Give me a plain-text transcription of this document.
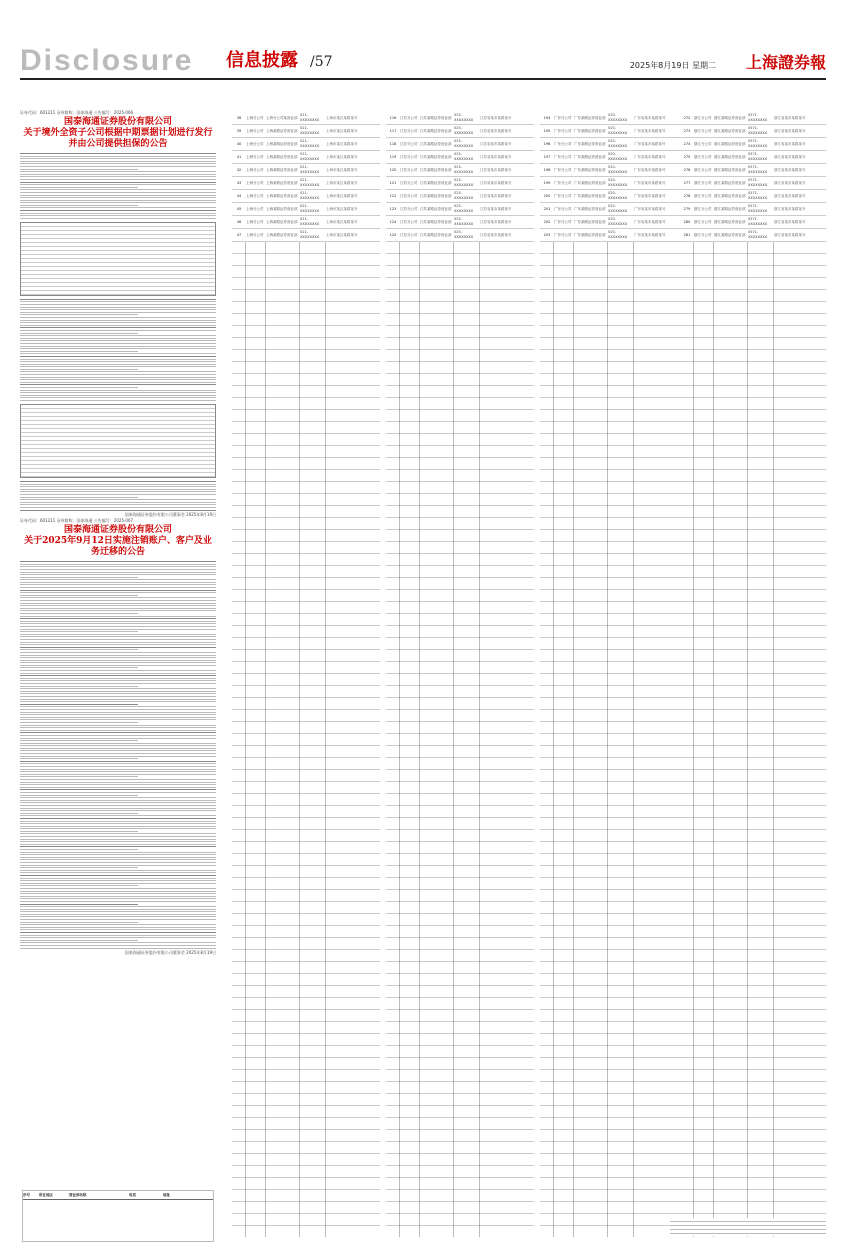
Disclosure 信息披露 /57	2025年8月19日 星期二 上海證券報
证券代码：601211 证券简称：国泰海通 公告编号：2025-066
国泰海通证券股份有限公司
关于境外全资子公司根据中期票据计划进行发行
并由公司提供担保的公告
国泰海通证券股份有限公司董事会 2025年8月19日
证券代码：601211 证券简称：国泰海通 公告编号：2025-067
国泰海通证券股份有限公司
关于2025年9月12日实施注销账户、客户及业务迁移的公告
国泰海通证券股份有限公司董事会 2025年8月19日
序号	所在地区	营业部名称	电话	地址
38	上海分公司 上海分公司某营业部
021-XXXXXXXX
上海市某区某路某号
39	上海分公司 上海某路证券营业部
021-XXXXXXXX
上海市某区某路某号
40	上海分公司 上海某路证券营业部
021-XXXXXXXX
上海市某区某路某号
41	上海分公司 上海某路证券营业部
021-XXXXXXXX
上海市某区某路某号
42	上海分公司 上海某路证券营业部
021-XXXXXXXX
上海市某区某路某号
43	上海分公司 上海某路证券营业部
021-XXXXXXXX
上海市某区某路某号
44	上海分公司 上海某路证券营业部
021-XXXXXXXX
上海市某区某路某号
45	上海分公司 上海某路证券营业部
021-XXXXXXXX
上海市某区某路某号
46	上海分公司 上海某路证券营业部
021-XXXXXXXX
上海市某区某路某号
47	上海分公司 上海某路证券营业部
021-XXXXXXXX
上海市某区某路某号
116	江苏分公司 江苏某路证券营业部
025-XXXXXXXX
江苏省某市某路某号
117	江苏分公司 江苏某路证券营业部
025-XXXXXXXX
江苏省某市某路某号
118	江苏分公司 江苏某路证券营业部
025-XXXXXXXX
江苏省某市某路某号
119	江苏分公司 江苏某路证券营业部
025-XXXXXXXX
江苏省某市某路某号
120	江苏分公司 江苏某路证券营业部
025-XXXXXXXX
江苏省某市某路某号
121	江苏分公司 江苏某路证券营业部
025-XXXXXXXX
江苏省某市某路某号
122	江苏分公司 江苏某路证券营业部
025-XXXXXXXX
江苏省某市某路某号
123	江苏分公司 江苏某路证券营业部
025-XXXXXXXX
江苏省某市某路某号
124	江苏分公司 江苏某路证券营业部
025-XXXXXXXX
江苏省某市某路某号
125	江苏分公司 江苏某路证券营业部
025-XXXXXXXX
江苏省某市某路某号
194	广东分公司 广东某路证券营业部
020-XXXXXXXX
广东省某市某路某号
195	广东分公司 广东某路证券营业部
020-XXXXXXXX
广东省某市某路某号
196	广东分公司 广东某路证券营业部
020-XXXXXXXX
广东省某市某路某号
197	广东分公司 广东某路证券营业部
020-XXXXXXXX
广东省某市某路某号
198	广东分公司 广东某路证券营业部
020-XXXXXXXX
广东省某市某路某号
199	广东分公司 广东某路证券营业部
020-XXXXXXXX
广东省某市某路某号
200	广东分公司 广东某路证券营业部
020-XXXXXXXX
广东省某市某路某号
201	广东分公司 广东某路证券营业部
020-XXXXXXXX
广东省某市某路某号
202	广东分公司 广东某路证券营业部
020-XXXXXXXX
广东省某市某路某号
203	广东分公司 广东某路证券营业部
020-XXXXXXXX
广东省某市某路某号
272	浙江分公司 浙江某路证券营业部
0571-XXXXXXXX
浙江省某市某路某号
273	浙江分公司 浙江某路证券营业部
0571-XXXXXXXX
浙江省某市某路某号
274	浙江分公司 浙江某路证券营业部
0571-XXXXXXXX
浙江省某市某路某号
275	浙江分公司 浙江某路证券营业部
0571-XXXXXXXX
浙江省某市某路某号
276	浙江分公司 浙江某路证券营业部
0571-XXXXXXXX
浙江省某市某路某号
277	浙江分公司 浙江某路证券营业部
0571-XXXXXXXX
浙江省某市某路某号
278	浙江分公司 浙江某路证券营业部
0571-XXXXXXXX
浙江省某市某路某号
279	浙江分公司 浙江某路证券营业部
0571-XXXXXXXX
浙江省某市某路某号
280	浙江分公司 浙江某路证券营业部
0571-XXXXXXXX
浙江省某市某路某号
281	浙江分公司 浙江某路证券营业部
0571-XXXXXXXX
浙江省某市某路某号
